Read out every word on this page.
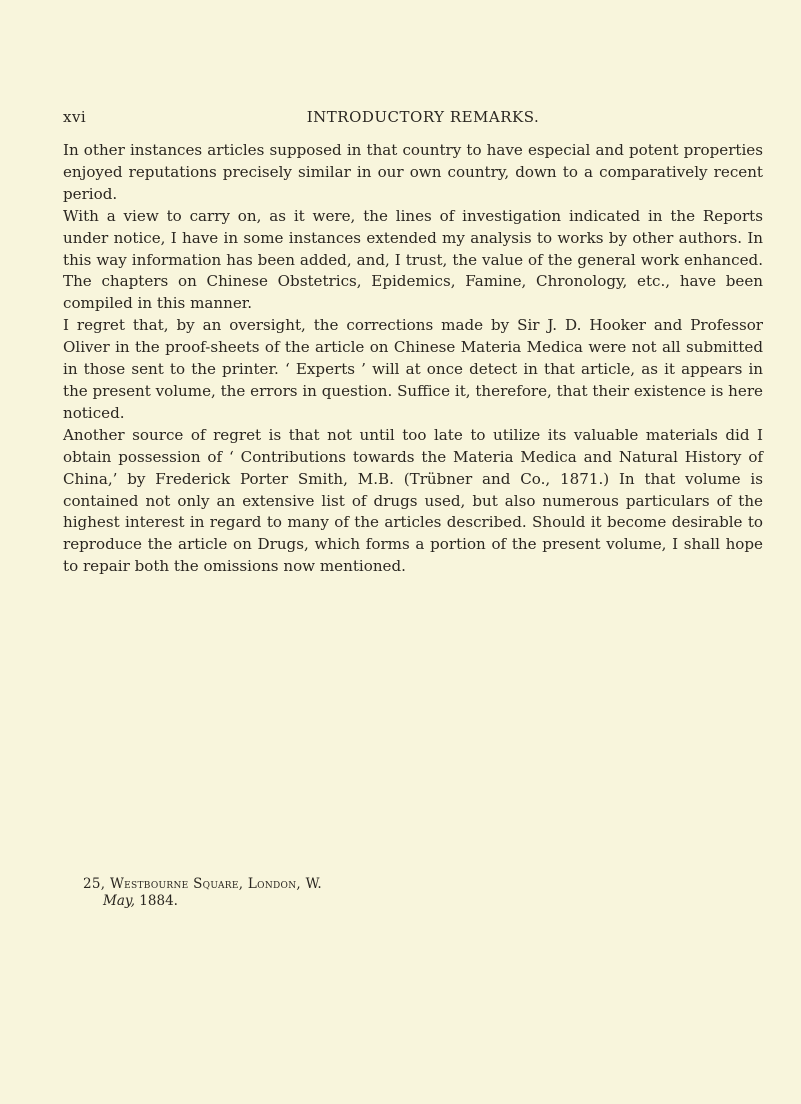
xvi	INTRODUCTORY REMARKS.

In other instances articles supposed in that country to have especial and potent properties enjoyed reputations precisely similar in our own country, down to a comparatively recent period.

With a view to carry on, as it were, the lines of investigation indicated in the Reports under notice, I have in some instances extended my analysis to works by other authors. In this way information has been added, and, I trust, the value of the general work enhanced. The chapters on Chinese Obstetrics, Epidemics, Famine, Chronology, etc., have been compiled in this manner.

I regret that, by an oversight, the corrections made by Sir J. D. Hooker and Professor Oliver in the proof-sheets of the article on Chinese Materia Medica were not all submitted in those sent to the printer. ‘ Experts ’ will at once detect in that article, as it appears in the present volume, the errors in question. Suffice it, therefore, that their existence is here noticed.

Another source of regret is that not until too late to utilize its valuable materials did I obtain possession of ‘ Contributions towards the Materia Medica and Natural History of China,’ by Frederick Porter Smith, M.B. (Trübner and Co., 1871.) In that volume is contained not only an extensive list of drugs used, but also numerous particulars of the highest interest in regard to many of the articles described. Should it become desirable to reproduce the article on Drugs, which forms a portion of the present volume, I shall hope to repair both the omissions now mentioned.

25, Westbourne Square, London, W.
May, 1884.
